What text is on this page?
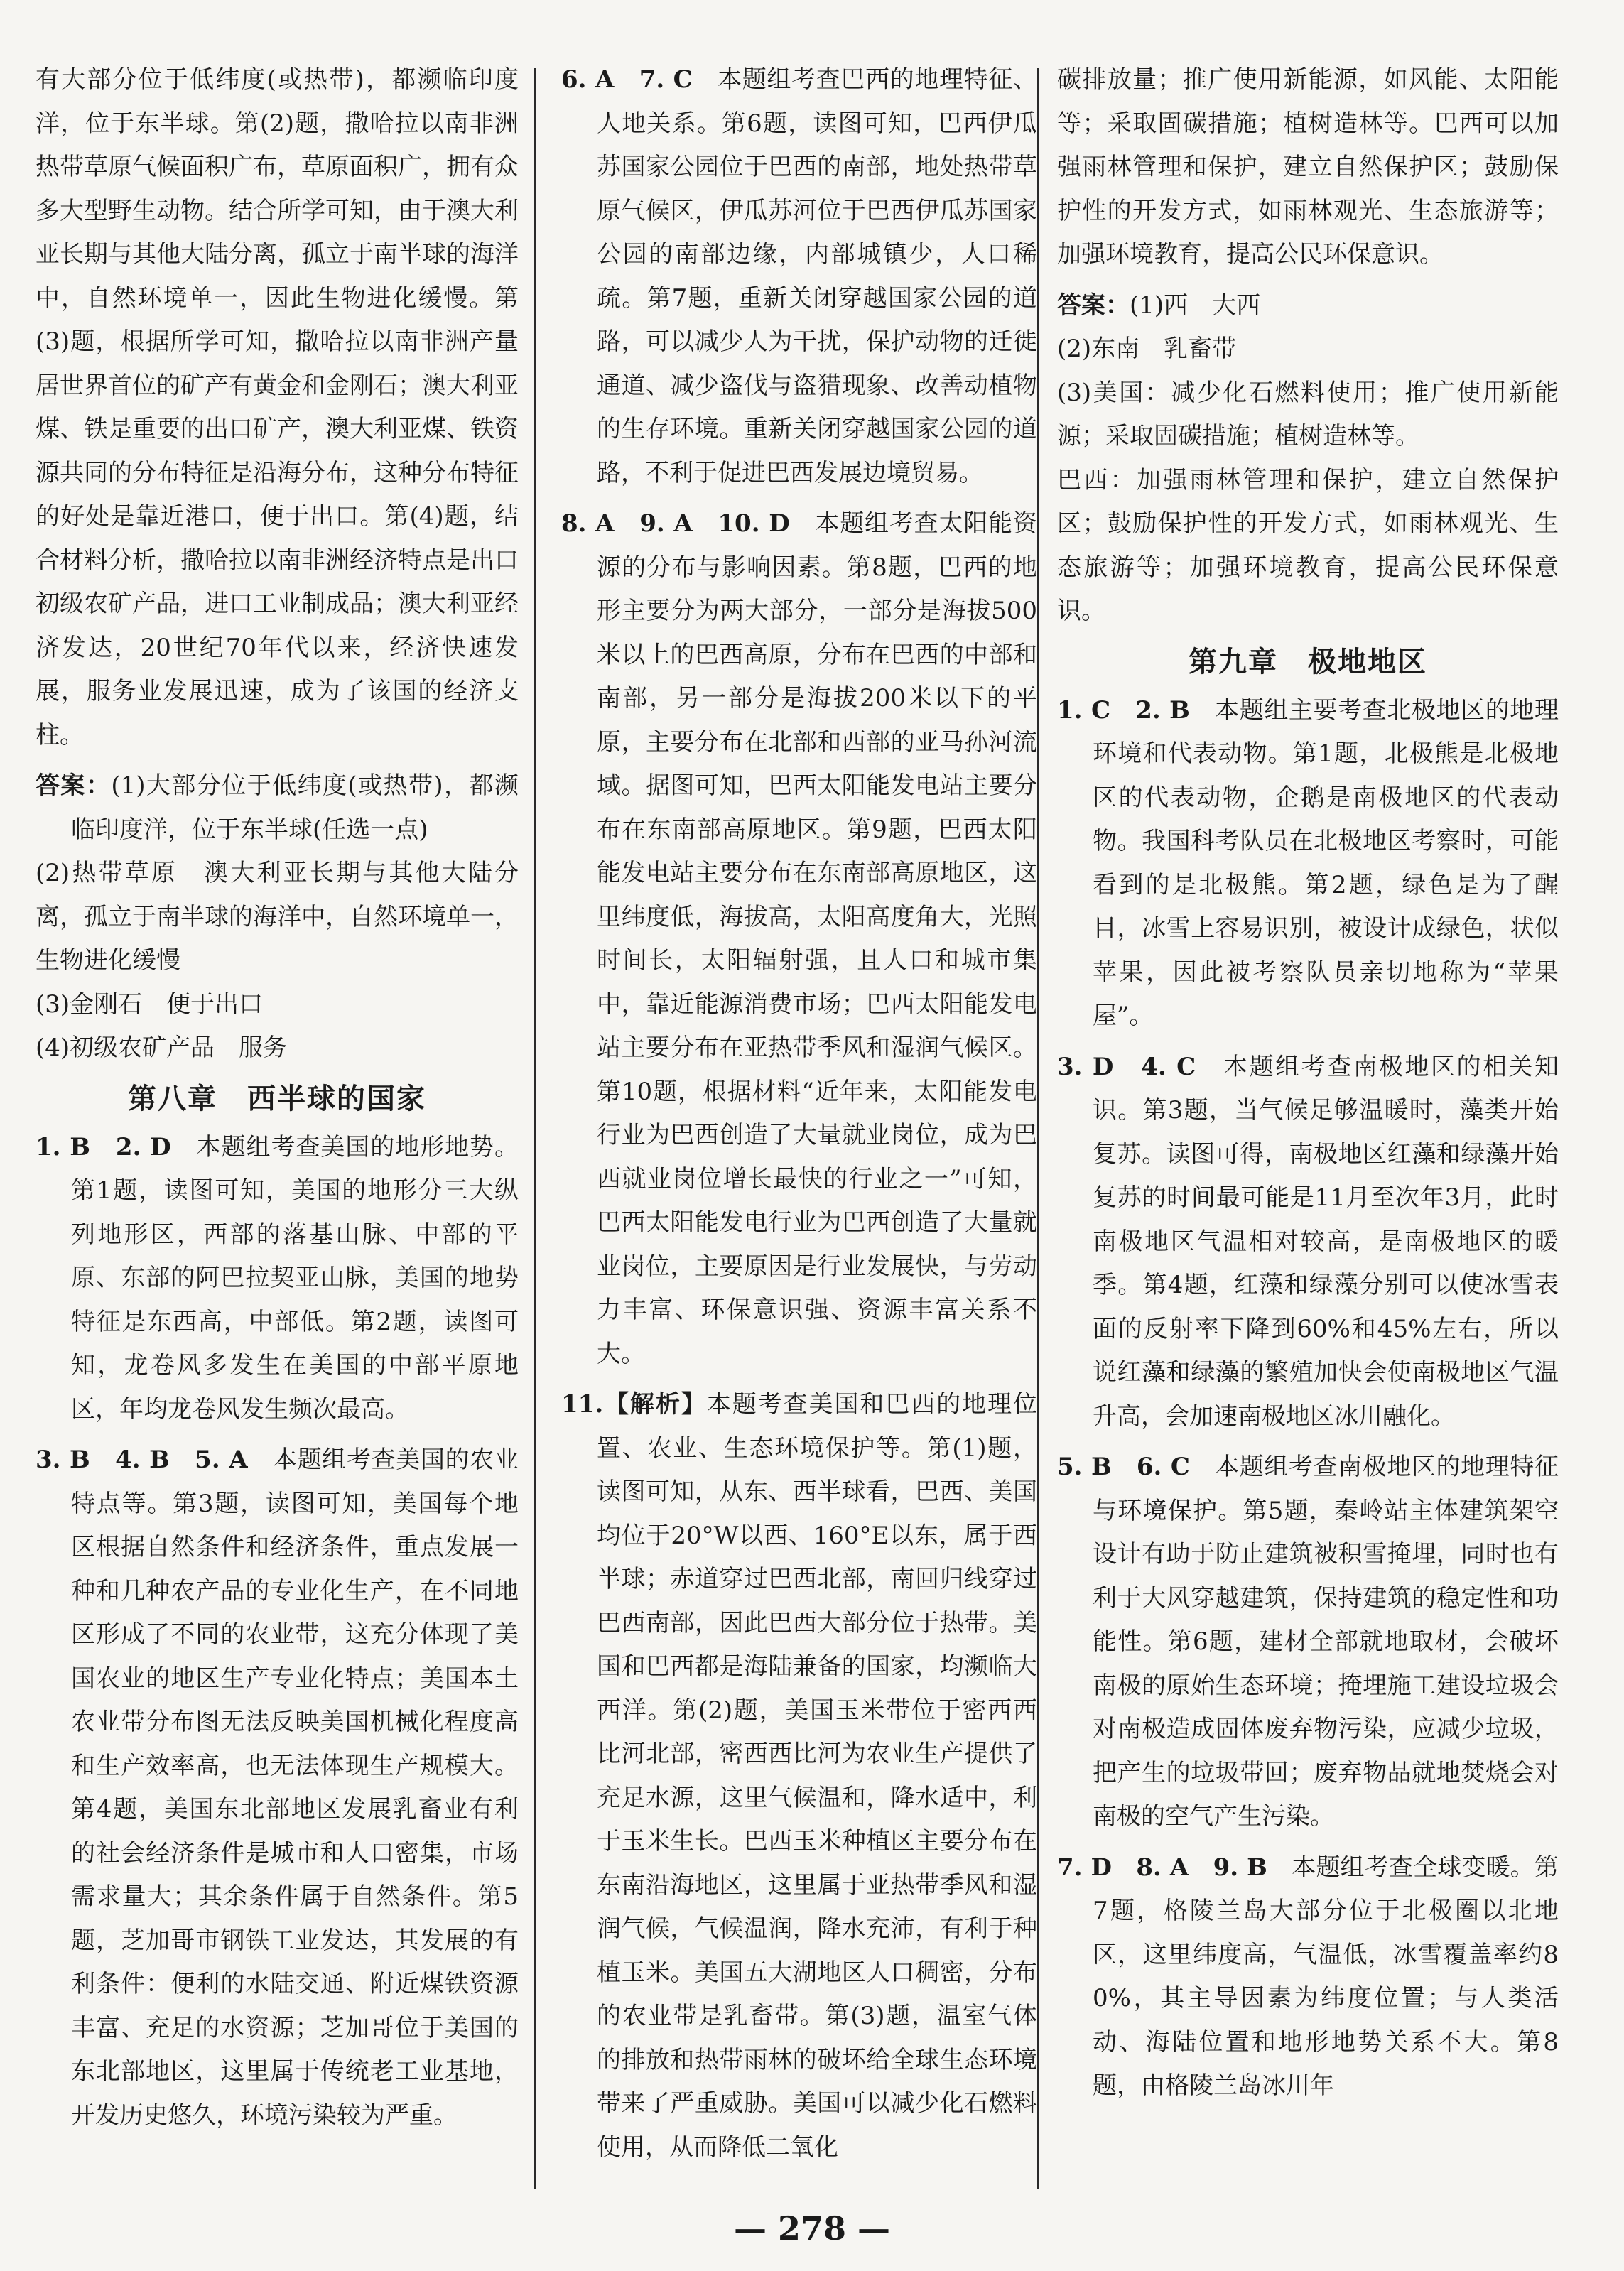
有大部分位于低纬度(或热带)，都濒临印度洋，位于东半球。第(2)题，撒哈拉以南非洲热带草原气候面积广布，草原面积广，拥有众多大型野生动物。结合所学可知，由于澳大利亚长期与其他大陆分离，孤立于南半球的海洋中，自然环境单一，因此生物进化缓慢。第(3)题，根据所学可知，撒哈拉以南非洲产量居世界首位的矿产有黄金和金刚石；澳大利亚煤、铁是重要的出口矿产，澳大利亚煤、铁资源共同的分布特征是沿海分布，这种分布特征的好处是靠近港口，便于出口。第(4)题，结合材料分析，撒哈拉以南非洲经济特点是出口初级农矿产品，进口工业制成品；澳大利亚经济发达，20世纪70年代以来，经济快速发展，服务业发展迅速，成为了该国的经济支柱。

答案：(1)大部分位于低纬度(或热带)，都濒临印度洋，位于东半球(任选一点)

(2)热带草原　澳大利亚长期与其他大陆分离，孤立于南半球的海洋中，自然环境单一，生物进化缓慢

(3)金刚石　便于出口

(4)初级农矿产品　服务

第八章　西半球的国家

1. B　2. D　本题组考查美国的地形地势。第1题，读图可知，美国的地形分三大纵列地形区，西部的落基山脉、中部的平原、东部的阿巴拉契亚山脉，美国的地势特征是东西高，中部低。第2题，读图可知，龙卷风多发生在美国的中部平原地区，年均龙卷风发生频次最高。

3. B　4. B　5. A　本题组考查美国的农业特点等。第3题，读图可知，美国每个地区根据自然条件和经济条件，重点发展一种和几种农产品的专业化生产，在不同地区形成了不同的农业带，这充分体现了美国农业的地区生产专业化特点；美国本土农业带分布图无法反映美国机械化程度高和生产效率高，也无法体现生产规模大。第4题，美国东北部地区发展乳畜业有利的社会经济条件是城市和人口密集，市场需求量大；其余条件属于自然条件。第5题，芝加哥市钢铁工业发达，其发展的有利条件：便利的水陆交通、附近煤铁资源丰富、充足的水资源；芝加哥位于美国的东北部地区，这里属于传统老工业基地，开发历史悠久，环境污染较为严重。

6. A　7. C　本题组考查巴西的地理特征、人地关系。第6题，读图可知，巴西伊瓜苏国家公园位于巴西的南部，地处热带草原气候区，伊瓜苏河位于巴西伊瓜苏国家公园的南部边缘，内部城镇少，人口稀疏。第7题，重新关闭穿越国家公园的道路，可以减少人为干扰，保护动物的迁徙通道、减少盗伐与盗猎现象、改善动植物的生存环境。重新关闭穿越国家公园的道路，不利于促进巴西发展边境贸易。

8. A　9. A　10. D　本题组考查太阳能资源的分布与影响因素。第8题，巴西的地形主要分为两大部分，一部分是海拔500米以上的巴西高原，分布在巴西的中部和南部，另一部分是海拔200米以下的平原，主要分布在北部和西部的亚马孙河流域。据图可知，巴西太阳能发电站主要分布在东南部高原地区。第9题，巴西太阳能发电站主要分布在东南部高原地区，这里纬度低，海拔高，太阳高度角大，光照时间长，太阳辐射强，且人口和城市集中，靠近能源消费市场；巴西太阳能发电站主要分布在亚热带季风和湿润气候区。第10题，根据材料“近年来，太阳能发电行业为巴西创造了大量就业岗位，成为巴西就业岗位增长最快的行业之一”可知，巴西太阳能发电行业为巴西创造了大量就业岗位，主要原因是行业发展快，与劳动力丰富、环保意识强、资源丰富关系不大。

11.【解析】本题考查美国和巴西的地理位置、农业、生态环境保护等。第(1)题，读图可知，从东、西半球看，巴西、美国均位于20°W以西、160°E以东，属于西半球；赤道穿过巴西北部，南回归线穿过巴西南部，因此巴西大部分位于热带。美国和巴西都是海陆兼备的国家，均濒临大西洋。第(2)题，美国玉米带位于密西西比河北部，密西西比河为农业生产提供了充足水源，这里气候温和，降水适中，利于玉米生长。巴西玉米种植区主要分布在东南沿海地区，这里属于亚热带季风和湿润气候，气候温润，降水充沛，有利于种植玉米。美国五大湖地区人口稠密，分布的农业带是乳畜带。第(3)题，温室气体的排放和热带雨林的破坏给全球生态环境带来了严重威胁。美国可以减少化石燃料使用，从而降低二氧化

碳排放量；推广使用新能源，如风能、太阳能等；采取固碳措施；植树造林等。巴西可以加强雨林管理和保护，建立自然保护区；鼓励保护性的开发方式，如雨林观光、生态旅游等；加强环境教育，提高公民环保意识。

答案：(1)西　大西

(2)东南　乳畜带

(3)美国：减少化石燃料使用；推广使用新能源；采取固碳措施；植树造林等。

巴西：加强雨林管理和保护，建立自然保护区；鼓励保护性的开发方式，如雨林观光、生态旅游等；加强环境教育，提高公民环保意识。

第九章　极地地区

1. C　2. B　本题组主要考查北极地区的地理环境和代表动物。第1题，北极熊是北极地区的代表动物，企鹅是南极地区的代表动物。我国科考队员在北极地区考察时，可能看到的是北极熊。第2题，绿色是为了醒目，冰雪上容易识别，被设计成绿色，状似苹果，因此被考察队员亲切地称为“苹果屋”。

3. D　4. C　本题组考查南极地区的相关知识。第3题，当气候足够温暖时，藻类开始复苏。读图可得，南极地区红藻和绿藻开始复苏的时间最可能是11月至次年3月，此时南极地区气温相对较高，是南极地区的暖季。第4题，红藻和绿藻分别可以使冰雪表面的反射率下降到60%和45%左右，所以说红藻和绿藻的繁殖加快会使南极地区气温升高，会加速南极地区冰川融化。

5. B　6. C　本题组考查南极地区的地理特征与环境保护。第5题，秦岭站主体建筑架空设计有助于防止建筑被积雪掩埋，同时也有利于大风穿越建筑，保持建筑的稳定性和功能性。第6题，建材全部就地取材，会破坏南极的原始生态环境；掩埋施工建设垃圾会对南极造成固体废弃物污染，应减少垃圾，把产生的垃圾带回；废弃物品就地焚烧会对南极的空气产生污染。

7. D　8. A　9. B　本题组考查全球变暖。第7题，格陵兰岛大部分位于北极圈以北地区，这里纬度高，气温低，冰雪覆盖率约80%，其主导因素为纬度位置；与人类活动、海陆位置和地形地势关系不大。第8题，由格陵兰岛冰川年

— 278 —
